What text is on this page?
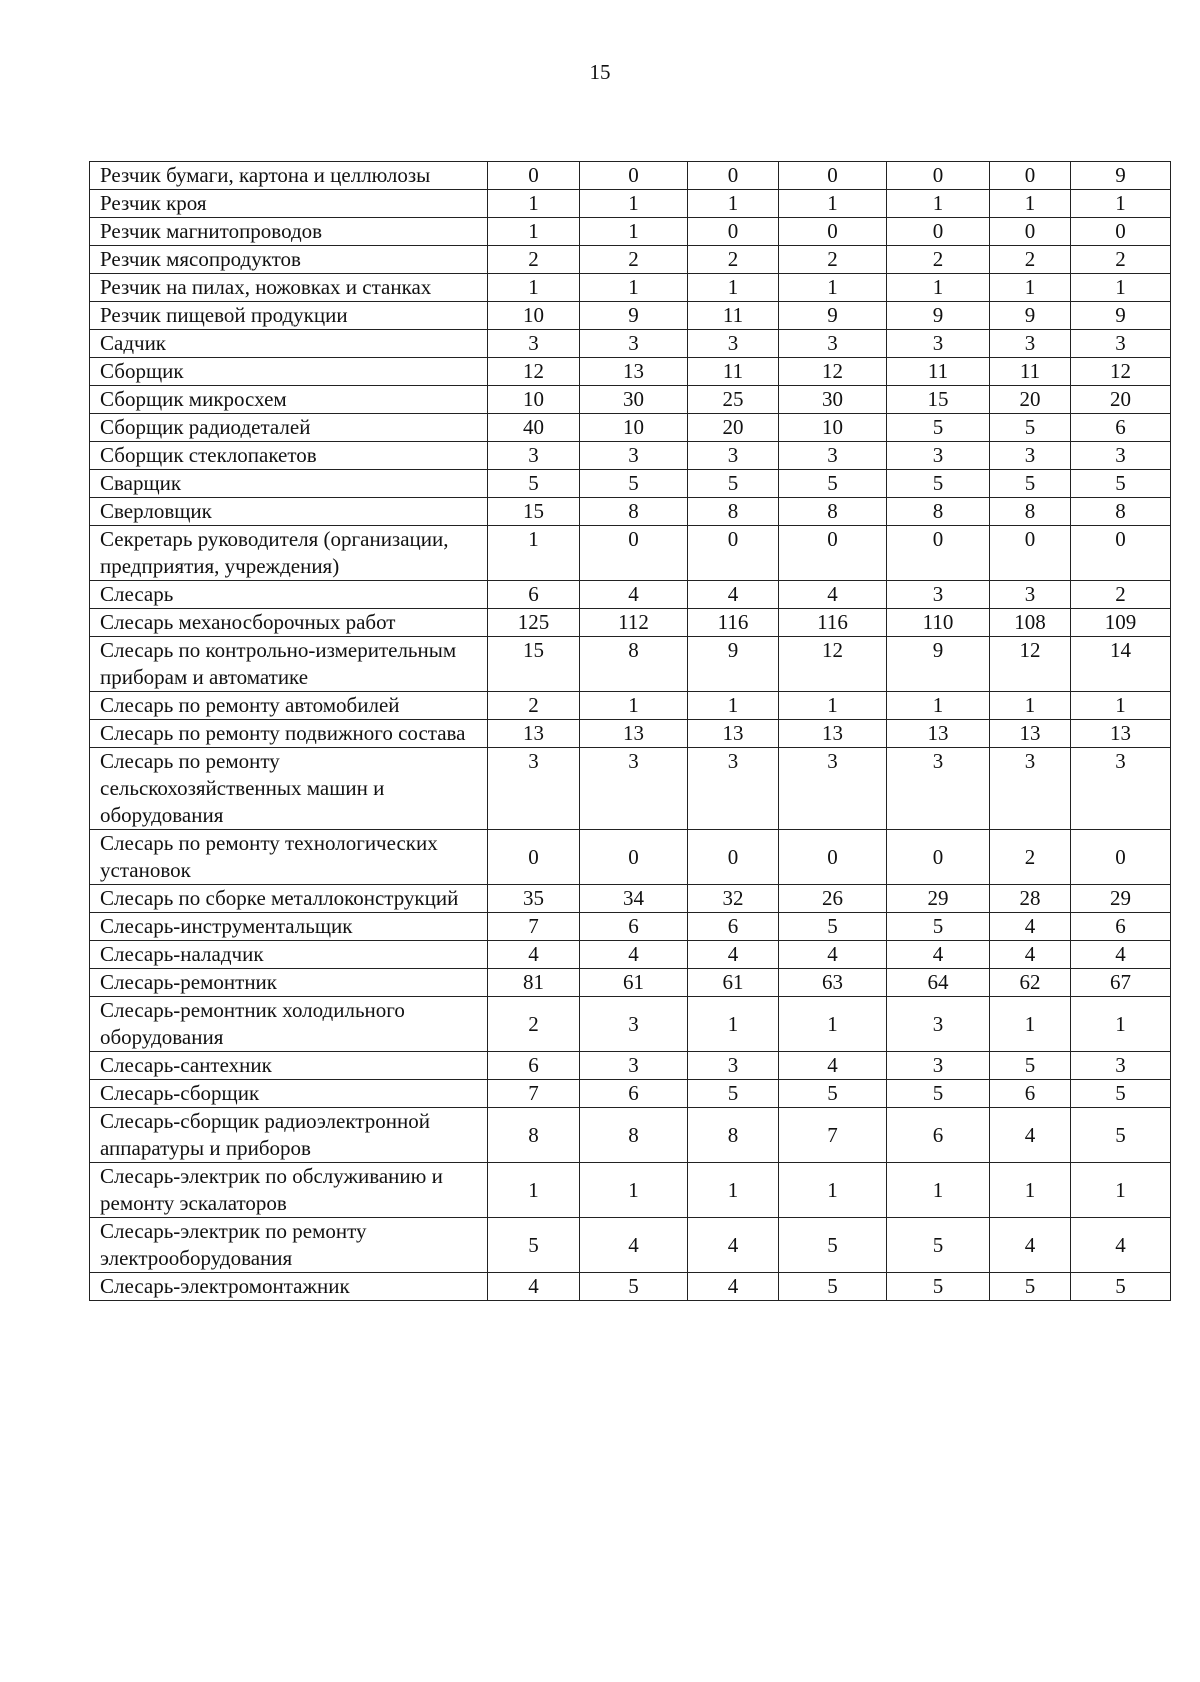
15
Резчик бумаги, картона и целлюлозы	0	0	0	0	0	0	9
Резчик кроя	1	1	1	1	1	1	1
Резчик магнитопроводов	1	1	0	0	0	0	0
Резчик мясопродуктов	2	2	2	2	2	2	2
Резчик на пилах, ножовках и станках	1	1	1	1	1	1	1
Резчик пищевой продукции	10	9	11	9	9	9	9
Садчик	3	3	3	3	3	3	3
Сборщик	12	13	11	12	11	11	12
Сборщик микросхем	10	30	25	30	15	20	20
Сборщик радиодеталей	40	10	20	10	5	5	6
Сборщик стеклопакетов	3	3	3	3	3	3	3
Сварщик	5	5	5	5	5	5	5
Сверловщик	15	8	8	8	8	8	8
Секретарь руководителя (организации, предприятия, учреждения)	1	0	0	0	0	0	0
Слесарь	6	4	4	4	3	3	2
Слесарь механосборочных работ	125	112	116	116	110	108	109
Слесарь по контрольно-измерительным приборам и автоматике	15	8	9	12	9	12	14
Слесарь по ремонту автомобилей	2	1	1	1	1	1	1
Слесарь по ремонту подвижного состава	13	13	13	13	13	13	13
Слесарь по ремонту сельскохозяйственных машин и оборудования	3	3	3	3	3	3	3
Слесарь по ремонту технологических установок	0	0	0	0	0	2	0
Слесарь по сборке металлоконструкций	35	34	32	26	29	28	29
Слесарь-инструментальщик	7	6	6	5	5	4	6
Слесарь-наладчик	4	4	4	4	4	4	4
Слесарь-ремонтник	81	61	61	63	64	62	67
Слесарь-ремонтник холодильного оборудования	2	3	1	1	3	1	1
Слесарь-сантехник	6	3	3	4	3	5	3
Слесарь-сборщик	7	6	5	5	5	6	5
Слесарь-сборщик радиоэлектронной аппаратуры и приборов	8	8	8	7	6	4	5
Слесарь-электрик по обслуживанию и ремонту эскалаторов	1	1	1	1	1	1	1
Слесарь-электрик по ремонту электрооборудования	5	4	4	5	5	4	4
Слесарь-электромонтажник	4	5	4	5	5	5	5
